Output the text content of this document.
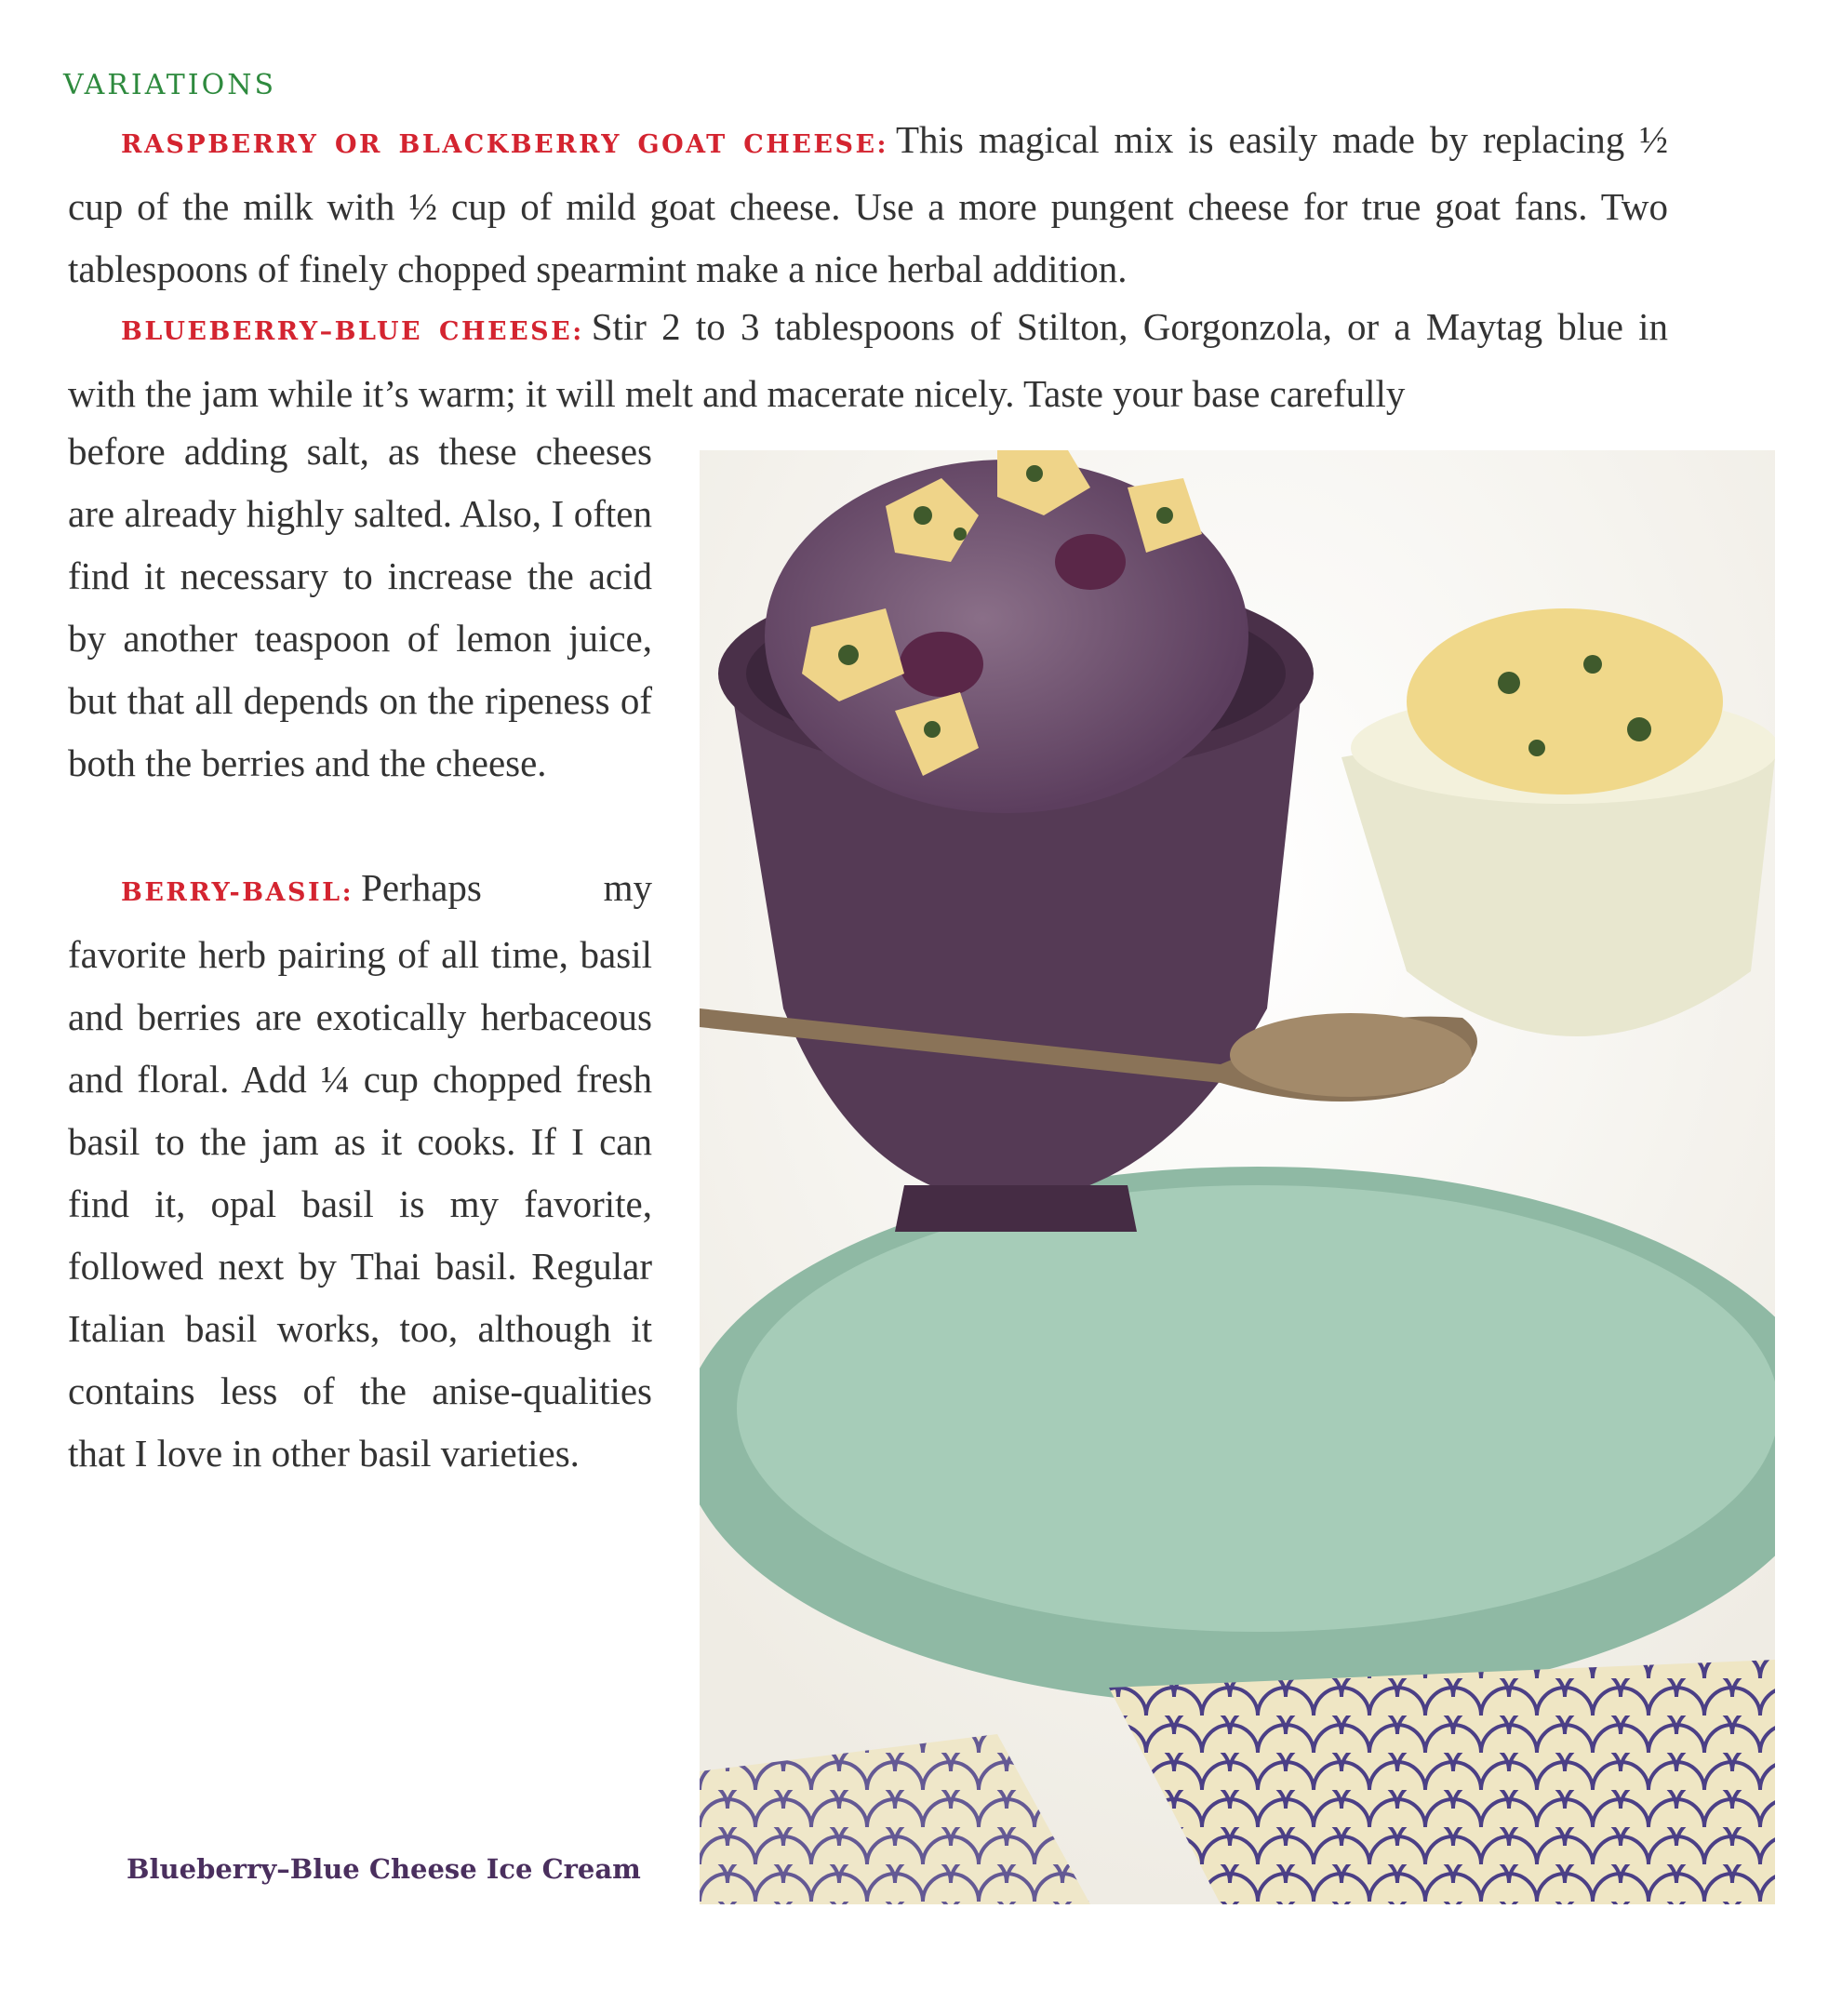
VARIATIONS

RASPBERRY OR BLACKBERRY GOAT CHEESE: This magical mix is easily made by replacing ½ cup of the milk with ½ cup of mild goat cheese. Use a more pungent cheese for true goat fans. Two tablespoons of finely chopped spearmint make a nice herbal addition.

BLUEBERRY–BLUE CHEESE: Stir 2 to 3 tablespoons of Stilton, Gorgonzola, or a Maytag blue in with the jam while it’s warm; it will melt and macerate nicely. Taste your base carefully

before adding salt, as these cheeses are already highly salted. Also, I often find it necessary to increase the acid by another teaspoon of lemon juice, but that all depends on the ripeness of both the berries and the cheese.

BERRY-BASIL: Perhaps my favorite herb pairing of all time, basil and berries are exotically herbaceous and floral. Add ¼ cup chopped fresh basil to the jam as it cooks. If I can find it, opal basil is my favorite, followed next by Thai basil. Regular Italian basil works, too, although it contains less of the anise-qualities that I love in other basil varieties.

Blueberry–Blue Cheese Ice Cream
